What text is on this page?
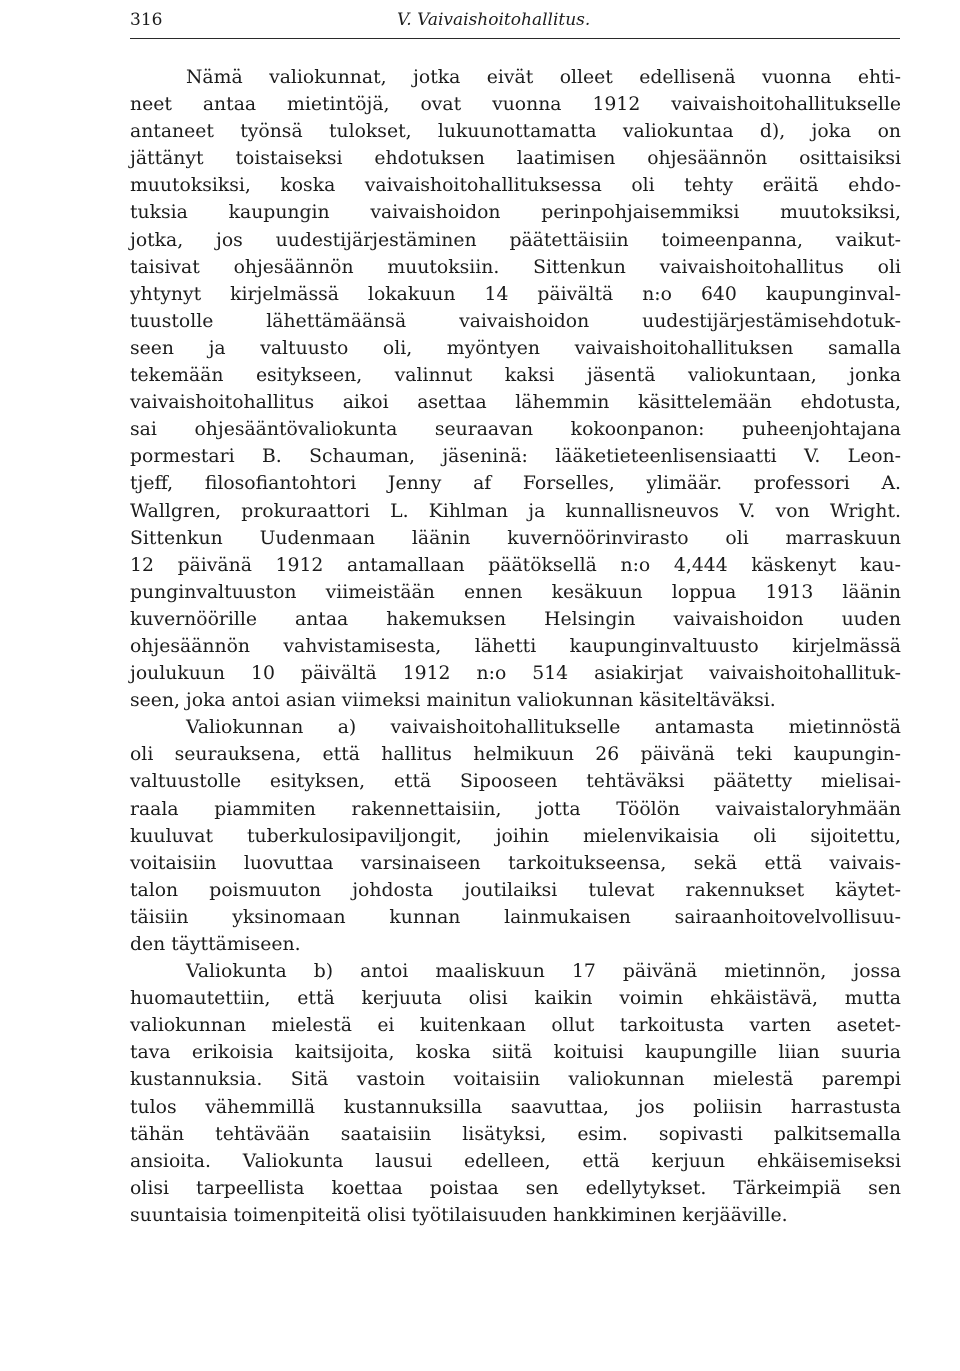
316	V. Vaivaishoitohallitus.
Nämä valiokunnat, jotka eivät olleet edellisenä vuonna ehti-
neet antaa mietintöjä, ovat vuonna 1912 vaivaishoitohallitukselle
antaneet työnsä tulokset, lukuunottamatta valiokuntaa d), joka on
jättänyt toistaiseksi ehdotuksen laatimisen ohjesäännön osittaisiksi
muutoksiksi, koska vaivaishoitohallituksessa oli tehty eräitä ehdo-
tuksia kaupungin vaivaishoidon perinpohjaisemmiksi muutoksiksi,
jotka, jos uudestijärjestäminen päätettäisiin toimeenpanna, vaikut-
taisivat ohjesäännön muutoksiin. Sittenkun vaivaishoitohallitus oli
yhtynyt kirjelmässä lokakuun 14 päivältä n:o 640 kaupunginval-
tuustolle lähettämäänsä vaivaishoidon uudestijärjestämisehdotuk-
seen ja valtuusto oli, myöntyen vaivaishoitohallituksen samalla
tekemään esitykseen, valinnut kaksi jäsentä valiokuntaan, jonka
vaivaishoitohallitus aikoi asettaa lähemmin käsittelemään ehdotusta,
sai ohjesääntövaliokunta seuraavan kokoonpanon: puheenjohtajana
pormestari B. Schauman, jäseninä: lääketieteenlisensiaatti V. Leon-
tjeff, filosofiantohtori Jenny af Forselles, ylimäär. professori A.
Wallgren, prokuraattori L. Kihlman ja kunnallisneuvos V. von Wright.
Sittenkun Uudenmaan läänin kuvernöörinvirasto oli marraskuun
12 päivänä 1912 antamallaan päätöksellä n:o 4,444 käskenyt kau-
punginvaltuuston viimeistään ennen kesäkuun loppua 1913 läänin
kuvernöörille antaa hakemuksen Helsingin vaivaishoidon uuden
ohjesäännön vahvistamisesta, lähetti kaupunginvaltuusto kirjelmässä
joulukuun 10 päivältä 1912 n:o 514 asiakirjat vaivaishoitohallituk-
seen, joka antoi asian viimeksi mainitun valiokunnan käsiteltäväksi.
Valiokunnan a) vaivaishoitohallitukselle antamasta mietinnöstä
oli seurauksena, että hallitus helmikuun 26 päivänä teki kaupungin-
valtuustolle esityksen, että Sipooseen tehtäväksi päätetty mielisai-
raala piammiten rakennettaisiin, jotta Töölön vaivaistaloryhmään
kuuluvat tuberkulosipaviljongit, joihin mielenvikaisia oli sijoitettu,
voitaisiin luovuttaa varsinaiseen tarkoitukseensa, sekä että vaivais-
talon poismuuton johdosta joutilaiksi tulevat rakennukset käytet-
täisiin yksinomaan kunnan lainmukaisen sairaanhoitovelvollisuu-
den täyttämiseen.
Valiokunta b) antoi maaliskuun 17 päivänä mietinnön, jossa
huomautettiin, että kerjuuta olisi kaikin voimin ehkäistävä, mutta
valiokunnan mielestä ei kuitenkaan ollut tarkoitusta varten asetet-
tava erikoisia kaitsijoita, koska siitä koituisi kaupungille liian suuria
kustannuksia. Sitä vastoin voitaisiin valiokunnan mielestä parempi
tulos vähemmillä kustannuksilla saavuttaa, jos poliisin harrastusta
tähän tehtävään saataisiin lisätyksi, esim. sopivasti palkitsemalla
ansioita. Valiokunta lausui edelleen, että kerjuun ehkäisemiseksi
olisi tarpeellista koettaa poistaa sen edellytykset. Tärkeimpiä sen
suuntaisia toimenpiteitä olisi työtilaisuuden hankkiminen kerjääville.
